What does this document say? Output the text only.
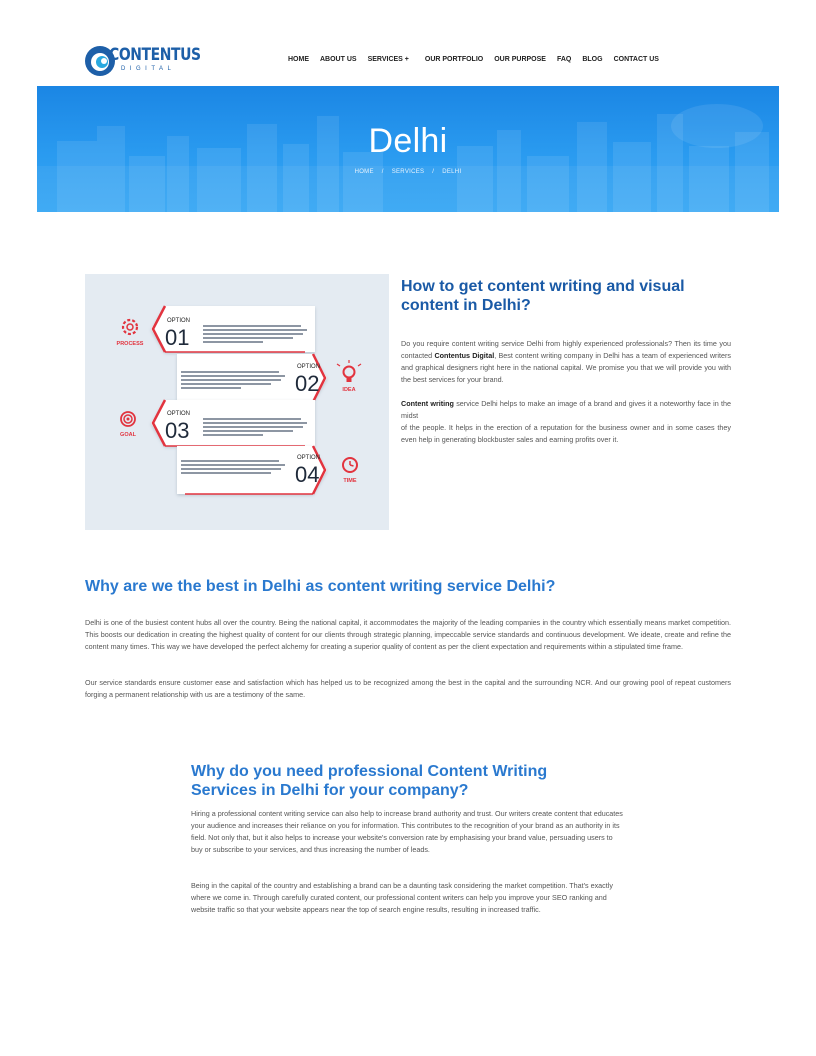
CONTENTUS
DIGITAL
HOME ABOUT US SERVICES + OUR PORTFOLIO OUR PURPOSE FAQ BLOG CONTACT US
Delhi
HOME / SERVICES / DELHI
OPTION
01
PROCESS
OPTION
02	IDEA
OPTION
03
GOAL
OPTION
04	TIME
How to get content writing and visual content in Delhi?

Do you require content writing service Delhi from highly experienced professionals? Then its time you contacted Contentus Digital, Best content writing company in Delhi has a team of experienced writers and graphical designers right here in the national capital. We promise you that we will provide you with the best services for your brand.

Content writing service Delhi helps to make an image of a brand and gives it a noteworthy face in the midst

of the people. It helps in the erection of a reputation for the business owner and in some cases they even help in generating blockbuster sales and earning profits over it.

Why are we the best in Delhi as content writing service Delhi?

Delhi is one of the busiest content hubs all over the country. Being the national capital, it accommodates the majority of the leading companies in the country which essentially means market competition. This boosts our dedication in creating the highest quality of content for our clients through strategic planning, impeccable service standards and continuous development. We ideate, create and refine the content many times. This way we have developed the perfect alchemy for creating a superior quality of content as per the client expectation and requirements within a stipulated time frame.

Our service standards ensure customer ease and satisfaction which has helped us to be recognized among the best in the capital and the surrounding NCR. And our growing pool of repeat customers forging a permanent relationship with us are a testimony of the same.

Why do you need professional Content Writing Services in Delhi for your company?

Hiring a professional content writing service can also help to increase brand authority and trust. Our writers create content that educates your audience and increases their reliance on you for information. This contributes to the recognition of your brand as an authority in its field. Not only that, but it also helps to increase your website's conversion rate by emphasising your brand value, persuading users to buy or subscribe to your services, and thus increasing the number of leads.

Being in the capital of the country and establishing a brand can be a daunting task considering the market competition. That's exactly where we come in. Through carefully curated content, our professional content writers can help you improve your SEO ranking and website traffic so that your website appears near the top of search engine results, resulting in increased traffic.
